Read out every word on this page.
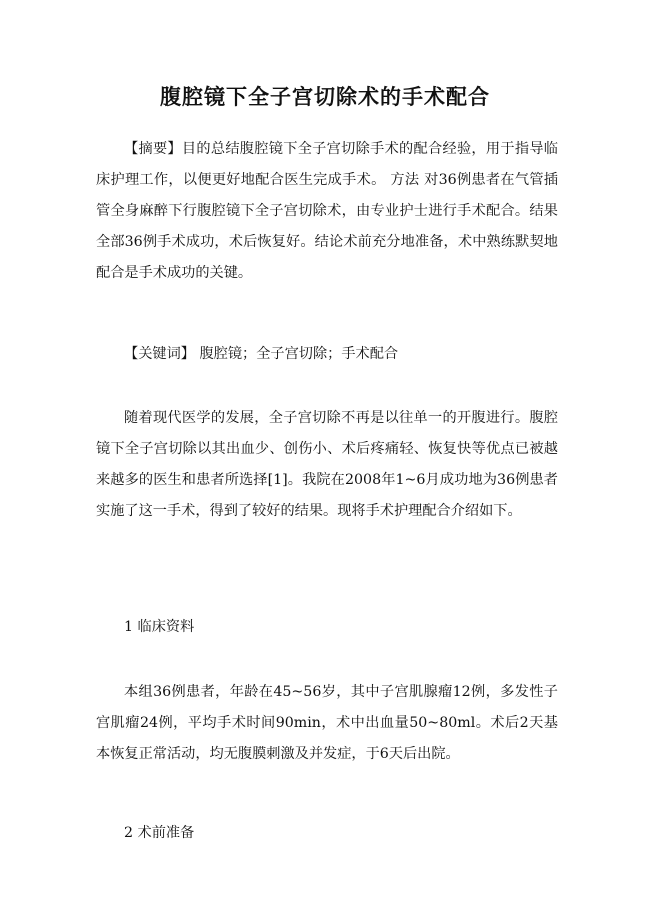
腹腔镜下全子宫切除术的手术配合

【摘要】目的总结腹腔镜下全子宫切除手术的配合经验，用于指导临床护理工作，以便更好地配合医生完成手术。 方法 对36例患者在气管插管全身麻醉下行腹腔镜下全子宫切除术，由专业护士进行手术配合。结果全部36例手术成功，术后恢复好。结论术前充分地准备，术中熟练默契地配合是手术成功的关键。

【关键词】 腹腔镜；全子宫切除；手术配合

随着现代医学的发展，全子宫切除不再是以往单一的开腹进行。腹腔镜下全子宫切除以其出血少、创伤小、术后疼痛轻、恢复快等优点已被越来越多的医生和患者所选择[1]。我院在2008年1~6月成功地为36例患者实施了这一手术，得到了较好的结果。现将手术护理配合介绍如下。

1 临床资料

本组36例患者，年龄在45~56岁，其中子宫肌腺瘤12例，多发性子宫肌瘤24例，平均手术时间90min，术中出血量50~80ml。术后2天基本恢复正常活动，均无腹膜刺激及并发症，于6天后出院。

2 术前准备
